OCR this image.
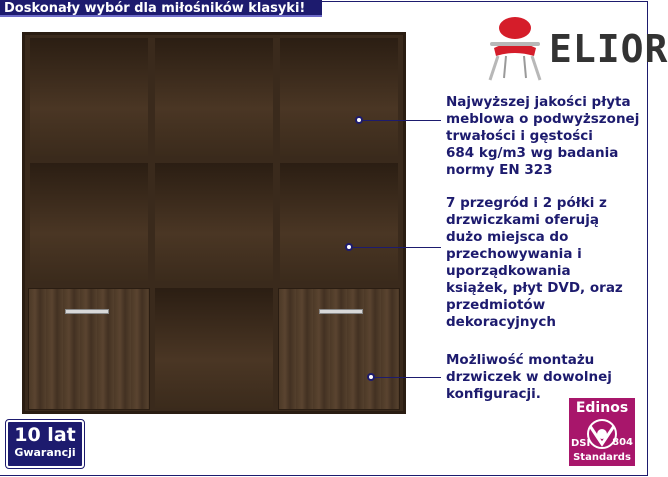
Doskonały wybór dla miłośników klasyki!
Najwyższej jakości płyta
meblowa o podwyższonej
trwałości i gęstości
684 kg/m3 wg badania
normy EN 323
7 przegród i 2 półki z
drzwiczkami oferują
dużo miejsca do
przechowywania i
uporządkowania
książek, płyt DVD, oraz
przedmiotów
dekoracyjnych
Możliwość montażu
drzwiczek w dowolnej
konfiguracji.
ELIOR
10 lat
Gwarancji
Edinos
DSI 804
Standards
